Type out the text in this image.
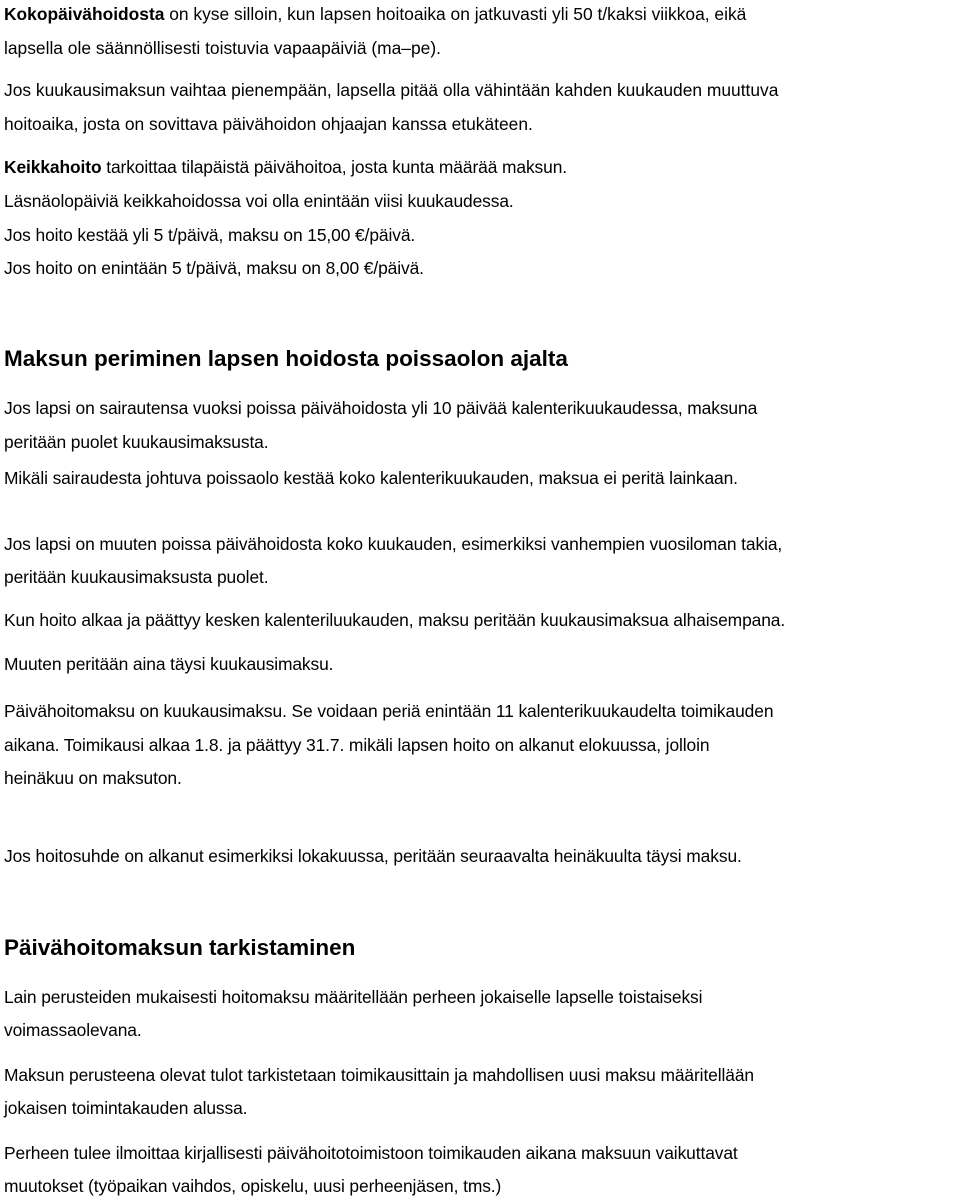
Kokopäivähoidosta on kyse silloin, kun lapsen hoitoaika on jatkuvasti yli 50 t/kaksi viikkoa, eikä

lapsella ole säännöllisesti toistuvia vapaapäiviä (ma–pe).

Jos kuukausimaksun vaihtaa pienempään, lapsella pitää olla vähintään kahden kuukauden muuttuva

hoitoaika, josta on sovittava päivähoidon ohjaajan kanssa etukäteen.

Keikkahoito tarkoittaa tilapäistä päivähoitoa, josta kunta määrää maksun.

Läsnäolopäiviä keikkahoidossa voi olla enintään viisi kuukaudessa.

Jos hoito kestää yli 5 t/päivä, maksu on 15,00 €/päivä.

Jos hoito on enintään 5 t/päivä, maksu on 8,00 €/päivä.

Maksun periminen lapsen hoidosta poissaolon ajalta

Jos lapsi on sairautensa vuoksi poissa päivähoidosta yli 10 päivää kalenterikuukaudessa, maksuna

peritään puolet kuukausimaksusta.

Mikäli sairaudesta johtuva poissaolo kestää koko kalenterikuukauden, maksua ei peritä lainkaan.

Jos lapsi on muuten poissa päivähoidosta koko kuukauden, esimerkiksi vanhempien vuosiloman takia,

peritään kuukausimaksusta puolet.

Kun hoito alkaa ja päättyy kesken kalenteriluukauden, maksu peritään kuukausimaksua alhaisempana.

Muuten peritään aina täysi kuukausimaksu.

Päivähoitomaksu on kuukausimaksu. Se voidaan periä enintään 11 kalenterikuukaudelta toimikauden

aikana. Toimikausi alkaa 1.8. ja päättyy 31.7. mikäli lapsen hoito on alkanut elokuussa, jolloin

heinäkuu on maksuton.

Jos hoitosuhde on alkanut esimerkiksi lokakuussa, peritään seuraavalta heinäkuulta täysi maksu.

Päivähoitomaksun tarkistaminen

Lain perusteiden mukaisesti hoitomaksu määritellään perheen jokaiselle lapselle toistaiseksi

voimassaolevana.

Maksun perusteena olevat tulot tarkistetaan toimikausittain ja mahdollisen uusi maksu määritellään

jokaisen toimintakauden alussa.

Perheen tulee ilmoittaa kirjallisesti päivähoitotoimistoon toimikauden aikana maksuun vaikuttavat

muutokset (työpaikan vaihdos, opiskelu, uusi perheenjäsen, tms.)
